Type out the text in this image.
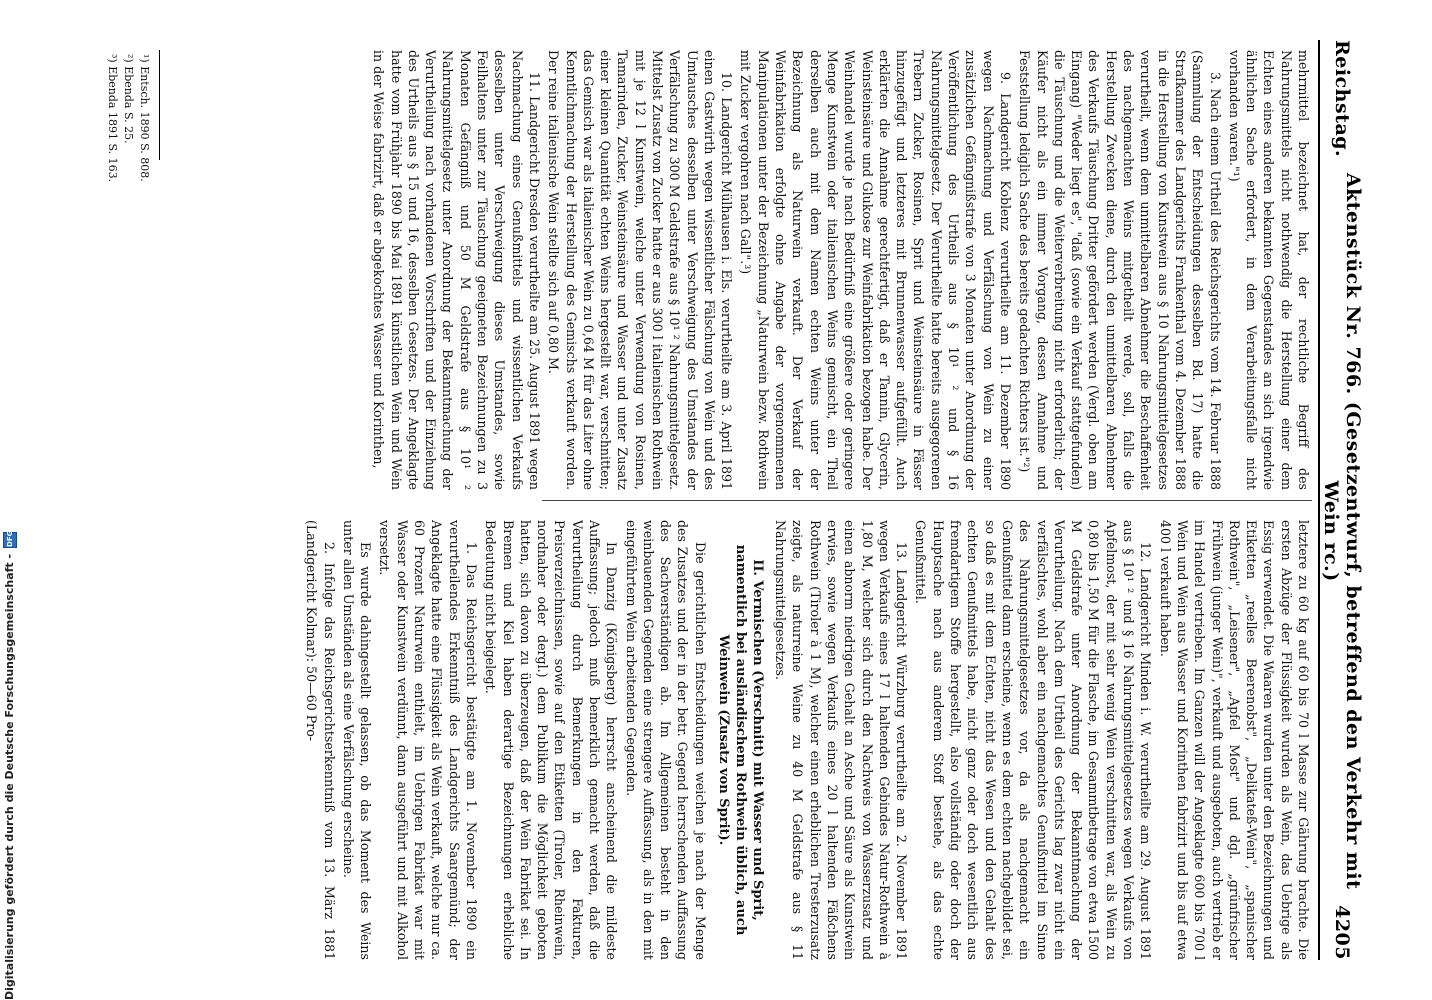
Reichstag.
Aktenstück Nr. 766. (Gesetzentwurf, betreffend den Verkehr mit Wein rc.)
4205

mehrmittel bezeichnet hat, der rechtliche Begriff des Nahrungsmittels nicht nothwendig die Herstellung einer dem Echten eines anderen bekannten Gegenstandes an sich irgendwie ähnlichen Sache erfordert, in dem Verarbeitungsfalle nicht vorhanden waren."¹)

3. Nach einem Urtheil des Reichsgerichts vom 14. Februar 1888 (Sammlung der Entscheidungen desselben Bd. 17) hatte die Strafkammer des Landgerichts Frankenthal vom 4. Dezember 1888 in die Herstellung von Kunstwein aus § 10 Nahrungsmittelgesetzes verurtheilt, wenn dem unmittelbaren Abnehmer die Beschaffenheit des nachgemachten Weins mitgetheilt werde, soll, falls die Herstellung Zwecken diene, durch den unmittelbaren Abnehmer des Verkaufs Täuschung Dritter gefördert werden (Vergl. oben am Eingang) "Weder liegt es", "daß (sowie ein Verkauf stattgefunden) die Täuschung und die Weiterverbreitung nicht erforderlich; der Käufer nicht als ein immer Vorgang, dessen Annahme und Feststellung lediglich Sache des bereits gedachten Richters ist."²)

9. Landgericht Koblenz verurtheilte am 11. Dezember 1890 wegen Nachmachung und Verfälschung von Wein zu einer zusätzlichen Gefängnißstrafe von 3 Monaten unter Anordnung der Veröffentlichung des Urtheils aus § 10¹ ² und § 16 Nahrungsmittelgesetz. Der Verurtheilte hatte bereits ausgegorenen Trebern Zucker, Rosinen, Sprit und Weinsteinsäure in Fässer hinzugefügt und letzteres mit Brunnenwasser aufgefüllt. Auch erklärten die Annahme gerechtfertigt, daß er Tannin, Glycerin, Weinsteinsäure und Glukose zur Weinfabrikation bezogen habe. Der Weinhandel wurde je nach Bedürfniß eine größere oder geringere Menge Kunstwein oder italienischen Weins gemischt, ein Theil derselben auch mit dem Namen echten Weins unter der Bezeichnung als Naturwein verkauft. Der Verkauf der Weinfabrikation erfolgte ohne Angabe der vorgenommenen Manipulationen unter der Bezeichnung „Naturwein bezw. Rothwein mit Zucker vergohren nach Gall".³)

10. Landgericht Mülhausen i. Els. verurtheilte am 3. April 1891 einen Gastwirth wegen wissentlicher Fälschung von Wein und des Umtausches desselben unter Verschweigung des Umstandes der Verfälschung zu 300 M Geldstrafe aus § 10¹ ² Nahrungsmittelgesetz. Mittelst Zusatz von Zucker hatte er aus 300 l italienischen Rothwein mit je 12 l Kunstwein, welche unter Verwendung von Rosinen, Tamarinden, Zucker, Weinsteinsäure und Wasser und unter Zusatz einer kleinen Quantität echten Weins hergestellt war, verschnitten; das Gemisch war als italienischer Wein zu 0,64 M für das Liter ohne Kenntlichmachung der Herstellung des Gemischs verkauft worden. Der reine italienische Wein stellte sich auf 0,80 M.

11. Landgericht Dresden verurtheilte am 25. August 1891 wegen Nachmachung eines Genußmittels und wissentlichen Verkaufs desselben unter Verschweigung dieses Umstandes, sowie Feilhaltens unter zur Täuschung geeigneten Bezeichnungen zu 3 Monaten Gefängniß und 50 M Geldstrafe aus § 10¹ ² Nahrungsmittelgesetz unter Anordnung der Bekanntmachung der Verurtheilung nach vorhandenen Vorschriften und der Einziehung des Urtheils aus § 15 und 16, desselben Gesetzes. Der Angeklagte hatte vom Frühjahr 1890 bis Mai 1891 künstlichen Wein und Wein in der Weise fabrizirt, daß er abgekochtes Wasser und Korinthen,

letztere zu 60 kg auf 60 bis 70 l Masse zur Gährung brachte. Die ersten Abzüge der Flüssigkeit wurden als Wein, das Uebrige als Essig verwendet. Die Waaren wurden unter den Bezeichnungen und Etiketten „reelles Beerenobst", „Delikateß-Wein", „spanischer Rothwein", „Leisener", „Apfel Most" und dgl. „grünfrischer Frühwein (junger Wein)", verkauft und ausgeboten, auch vertrieb er im Handel vertrieben. Im Ganzen will der Angeklagte 600 bis 700 l Wein und Wein aus Wasser und Korinthen fabrizirt und bis auf etwa 400 l verkauft haben.

12. Landgericht Minden i. W. verurtheilte am 29. August 1891 aus § 10¹ ² und § 16 Nahrungsmittelgesetzes wegen Verkaufs von Apfelmost, der mit sehr wenig Wein verschnitten war, als Wein zu 0,80 bis 1,50 M für die Flasche, im Gesammtbetrage von etwa 1500 M Geldstrafe unter Anordnung der Bekanntmachung der Verurtheilung. Nach dem Urtheil des Gerichts lag zwar nicht ein verfälschtes, wohl aber ein nachgemachtes Genußmittel im Sinne des Nahrungsmittelgesetzes vor, da als nachgemacht ein Genußmittel dann erscheine, wenn es dem echten nachgebildet sei, so daß es mit dem Echten, nicht das Wesen und den Gehalt des echten Genußmittels habe, nicht ganz oder doch wesentlich aus fremdartigem Stoffe hergestellt, also vollständig oder doch der Hauptsache nach aus anderem Stoff bestehe, als das echte Genußmittel.

13. Landgericht Würzburg verurtheilte am 2. November 1891 wegen Verkaufs eines 17 l haltenden Gebindes Natur-Rothwein à 1,80 M, welcher sich durch den Nachweis von Wasserzusatz und einen abnorm niedrigen Gehalt an Asche und Säure als Kunstwein erwies, sowie wegen Verkaufs eines 20 l haltenden Fäßchens Rothwein (Tiroler à 1 M), welcher einen erheblichen Tresterzusatz zeigte, als naturreine Weine zu 40 M Geldstrafe aus § 11 Nahrungsmittelgesetzes.

II. Vermischen (Verschnitt) mit Wasser und Sprit, namentlich bei ausländischem Rothwein üblich, auch Weinwein (Zusatz von Sprit).

Die gerichtlichen Entscheidungen weichen je nach der Menge des Zusatzes und der in der betr. Gegend herrschenden Auffassung des Sachverständigen ab. Im Allgemeinen besteht in den weinbauenden Gegenden eine strengere Auffassung, als in den mit eingeführtem Wein arbeitenden Gegenden.

In Danzig (Königsberg) herrscht anscheinend die mildeste Auffassung; jedoch muß bemerklich gemacht werden, daß die Verurtheilung durch Bemerkungen in den Fakturen, Preisverzeichnissen, sowie auf den Etiketten (Tiroler, Rheinwein, nordnaher oder dergl.) dem Publikum die Möglichkeit geboten hatten, sich davon zu überzeugen, daß der Wein Fabrikat sei. In Bremen und Kiel haben derartige Bezeichnungen erhebliche Bedeutung nicht beigelegt.

1. Das Reichsgericht bestätigte am 1. November 1890 ein verurtheilendes Erkenntniß des Landgerichts Saargemünd; der Angeklagte hatte eine Flüssigkeit als Wein verkauft, welche nur ca. 60 Prozent Naturwein enthielt, im Uebrigen Fabrikat war mit Wasser oder Kunstwein verdünnt, dann ausgeführt und mit Alkohol versetzt.

Es wurde dahingestellt gelassen, ob das Moment des Weins unter allen Umständen als eine Verfälschung erscheine.

2. Infolge das Reichsgerichtserkenntniß vom 13. März 1881 (Landgericht Kolmar): 50—60 Pro-

¹) Entsch. 1890 S. 808.
²) Ebenda S. 25.
³) Ebenda 1891 S. 163.
Digitalisierung gefördert durch die Deutsche Forschungsgemeinschaft -
DFG
